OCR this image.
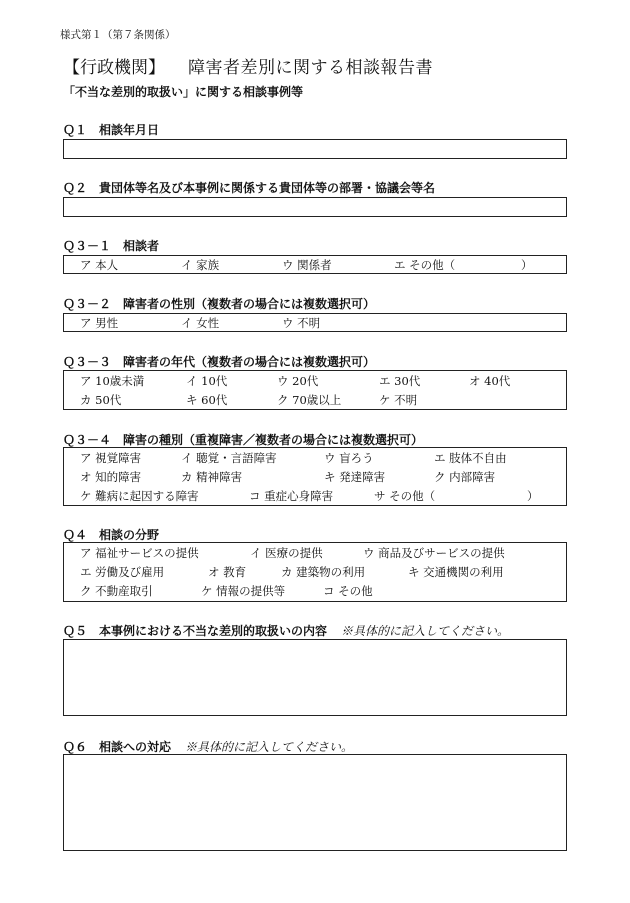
様式第１（第７条関係）
【行政機関】 障害者差別に関する相談報告書
「不当な差別的取扱い」に関する相談事例等
Ｑ１ 相談年月日
Ｑ２ 貴団体等名及び本事例に関係する貴団体等の部署・協議会等名
Ｑ３－１ 相談者
ア 本人	イ 家族	ウ 関係者	エ その他（	）
Ｑ３－２ 障害者の性別（複数者の場合には複数選択可）
ア 男性	イ 女性	ウ 不明
Ｑ３－３ 障害者の年代（複数者の場合には複数選択可）
ア 10歳未満	イ 10代	ウ 20代	エ 30代	オ 40代
カ 50代	キ 60代	ク 70歳以上	ケ 不明
Ｑ３－４ 障害の種別（重複障害／複数者の場合には複数選択可）
ア 視覚障害	イ 聴覚・言語障害	ウ 盲ろう	エ 肢体不自由
オ 知的障害	カ 精神障害	キ 発達障害	ク 内部障害
ケ 難病に起因する障害	コ 重症心身障害	サ その他（	）
Ｑ４ 相談の分野
ア 福祉サービスの提供	イ 医療の提供	ウ 商品及びサービスの提供
エ 労働及び雇用	オ 教育	カ 建築物の利用	キ 交通機関の利用
ク 不動産取引	ケ 情報の提供等	コ その他
Ｑ５ 本事例における不当な差別的取扱いの内容 ※具体的に記入してください。
Ｑ６ 相談への対応 ※具体的に記入してください。
